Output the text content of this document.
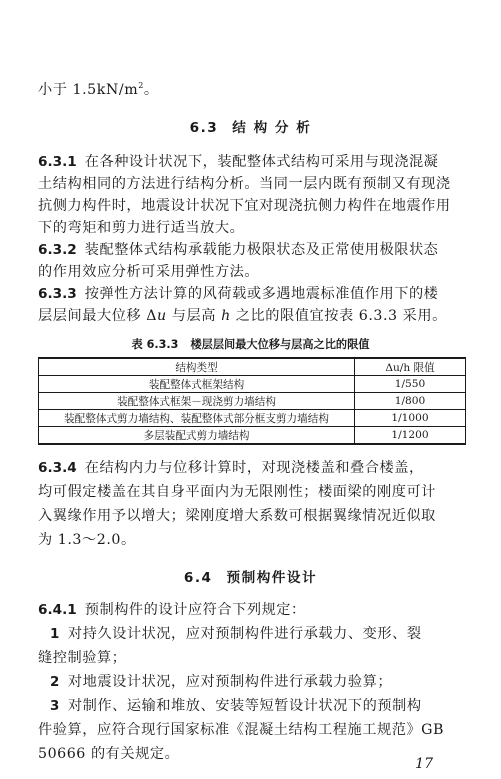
小于 $1.5kN/m^2$。
6.3 结 构 分 析
6.3.1 在各种设计状况下，装配整体式结构可采用与现浇混凝
土结构相同的方法进行结构分析。当同一层内既有预制又有现浇
抗侧力构件时，地震设计状况下宜对现浇抗侧力构件在地震作用
下的弯矩和剪力进行适当放大。
6.3.2 装配整体式结构承载能力极限状态及正常使用极限状态
的作用效应分析可采用弹性方法。
6.3.3 按弹性方法计算的风荷载或多遇地震标准值作用下的楼
层层间最大位移 Δu 与层高 h 之比的限值宜按表 6.3.3 采用。
表 6.3.3 楼层层间最大位移与层高之比的限值
结构类型	Δu/h 限值
装配整体式框架结构	1/550
装配整体式框架－现浇剪力墙结构	1/800
装配整体式剪力墙结构、装配整体式部分框支剪力墙结构	1/1000
多层装配式剪力墙结构	1/1200
6.3.4 在结构内力与位移计算时，对现浇楼盖和叠合楼盖，
均可假定楼盖在其自身平面内为无限刚性；楼面梁的刚度可计
入翼缘作用予以增大；梁刚度增大系数可根据翼缘情况近似取
为 1.3～2.0。
6.4 预制构件设计
6.4.1 预制构件的设计应符合下列规定：
1 对持久设计状况，应对预制构件进行承载力、变形、裂
缝控制验算；
2 对地震设计状况，应对预制构件进行承载力验算；
3 对制作、运输和堆放、安装等短暂设计状况下的预制构
件验算，应符合现行国家标准《混凝土结构工程施工规范》GB
50666 的有关规定。
17
